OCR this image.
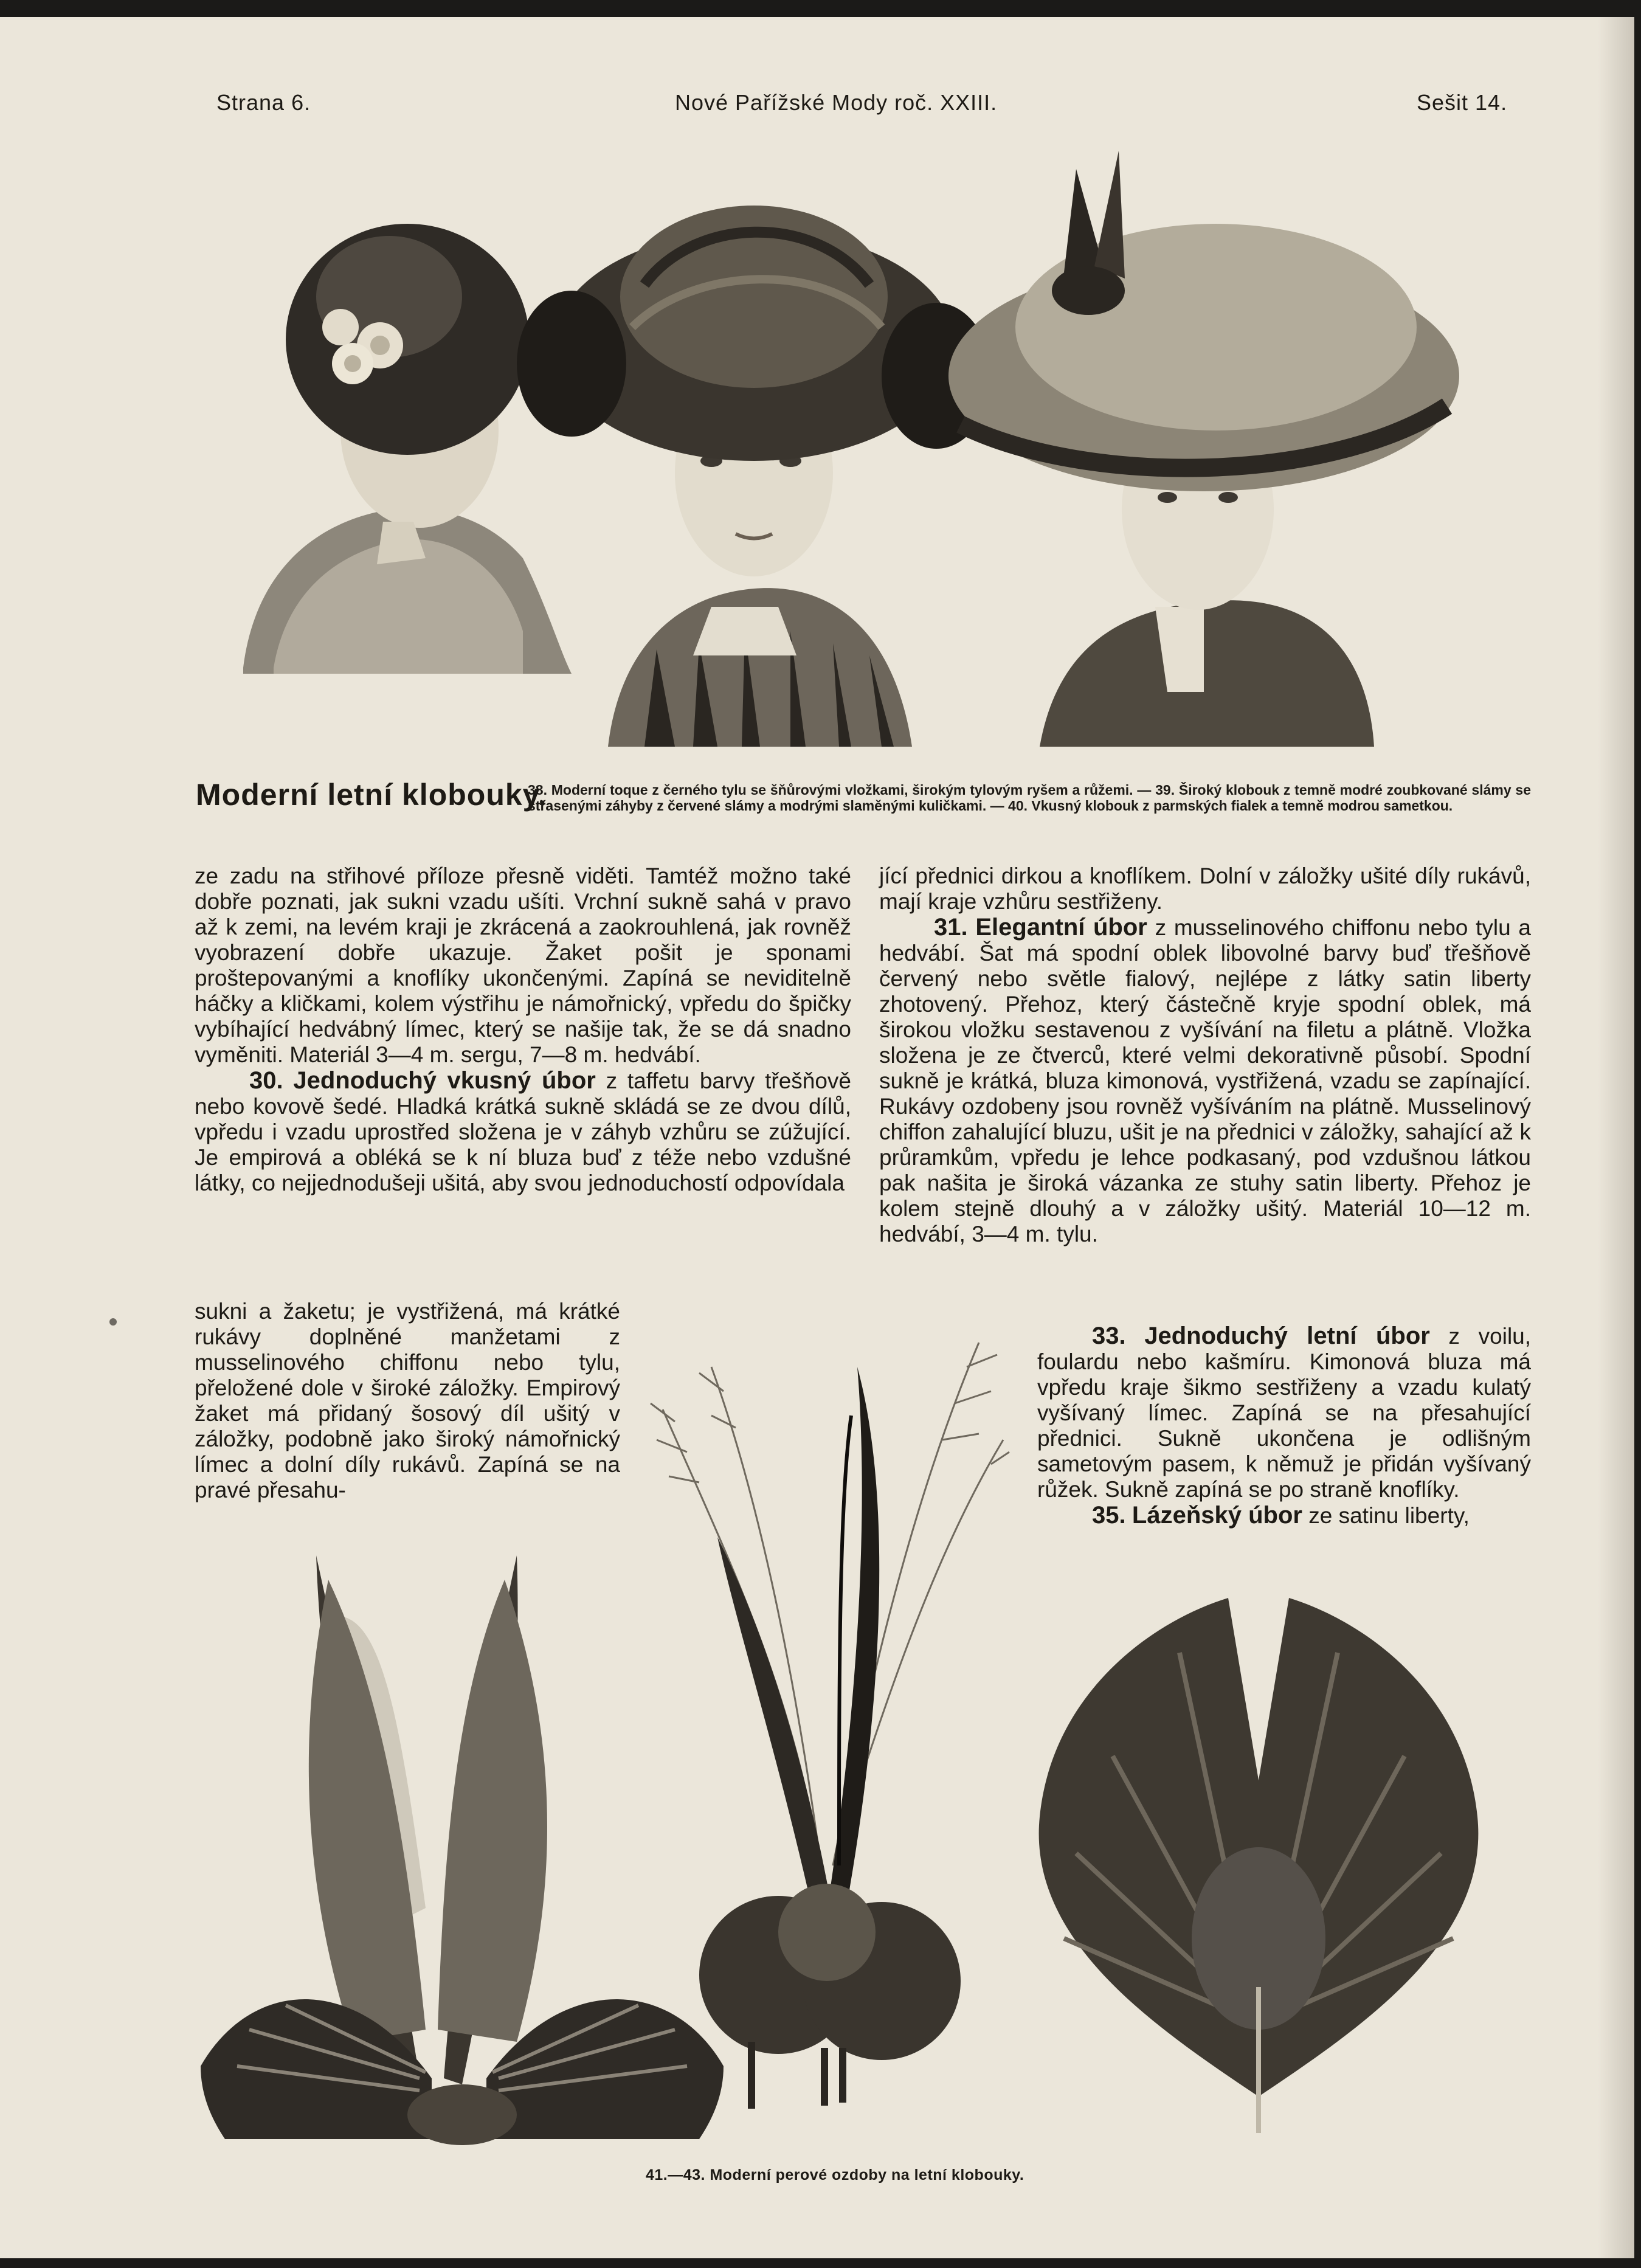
Strana 6.	Nové Pařížské Mody roč. XXIII.	Sešit 14.
Moderní letní klobouky.
38. Moderní toque z černého tylu se šňůrovými vložkami, širokým tylovým ryšem a růžemi. — 39. Široký klobouk z temně modré zoubkované slámy se střasenými záhyby z červené slámy a modrými slaměnými kuličkami. — 40. Vkusný klobouk z parmských fialek a temně modrou sametkou.

ze zadu na střihové příloze přesně viděti. Tamtéž možno také dobře poznati, jak sukni vzadu ušíti. Vrchní sukně sahá v pravo až k zemi, na levém kraji je zkrácená a zaokrouhlená, jak rovněž vyobrazení dobře ukazuje. Žaket pošit je sponami proštepovanými a knoflíky ukončenými. Zapíná se neviditelně háčky a kličkami, kolem výstřihu je námořnický, vpředu do špičky vybíhající hedvábný límec, který se našije tak, že se dá snadno vyměniti. Materiál 3—4 m. sergu, 7—8 m. hedvábí.

30. Jednoduchý vkusný úbor z taffetu barvy třešňově nebo kovově šedé. Hladká krátká sukně skládá se ze dvou dílů, vpředu i vzadu uprostřed složena je v záhyb vzhůru se zúžující. Je empirová a obléká se k ní bluza buď z téže nebo vzdušné látky, co nejjednodušeji ušitá, aby svou jednoduchostí odpovídala

sukni a žaketu; je vystřižená, má krátké rukávy doplněné manžetami z musselinového chiffonu nebo tylu, přeložené dole v široké záložky. Empirový žaket má přidaný šosový díl ušitý v záložky, podobně jako široký námořnický límec a dolní díly rukávů. Zapíná se na pravé přesahu-

jící přednici dirkou a knoflíkem. Dolní v záložky ušité díly rukávů, mají kraje vzhůru sestřiženy.

31. Elegantní úbor z musselinového chiffonu nebo tylu a hedvábí. Šat má spodní oblek libovolné barvy buď třešňově červený nebo světle fialový, nejlépe z látky satin liberty zhotovený. Přehoz, který částečně kryje spodní oblek, má širokou vložku sestavenou z vyšívání na filetu a plátně. Vložka složena je ze čtverců, které velmi dekorativně působí. Spodní sukně je krátká, bluza kimonová, vystřižená, vzadu se zapínající. Rukávy ozdobeny jsou rovněž vyšíváním na plátně. Musselinový chiffon zahalující bluzu, ušit je na přednici v záložky, sahající až k průramkům, vpředu je lehce podkasaný, pod vzdušnou látkou pak našita je široká vázanka ze stuhy satin liberty. Přehoz je kolem stejně dlouhý a v záložky ušitý. Materiál 10—12 m. hedvábí, 3—4 m. tylu.

33. Jednoduchý letní úbor z voilu, foulardu nebo kašmíru. Kimonová bluza má vpředu kraje šikmo sestřiženy a vzadu kulatý vyšívaný límec. Zapíná se na přesahující přednici. Sukně ukončena je odlišným sametovým pasem, k němuž je přidán vyšívaný růžek. Sukně zapíná se po straně knoflíky.

35. Lázeňský úbor ze satinu liberty,

41.—43. Moderní perové ozdoby na letní klobouky.
